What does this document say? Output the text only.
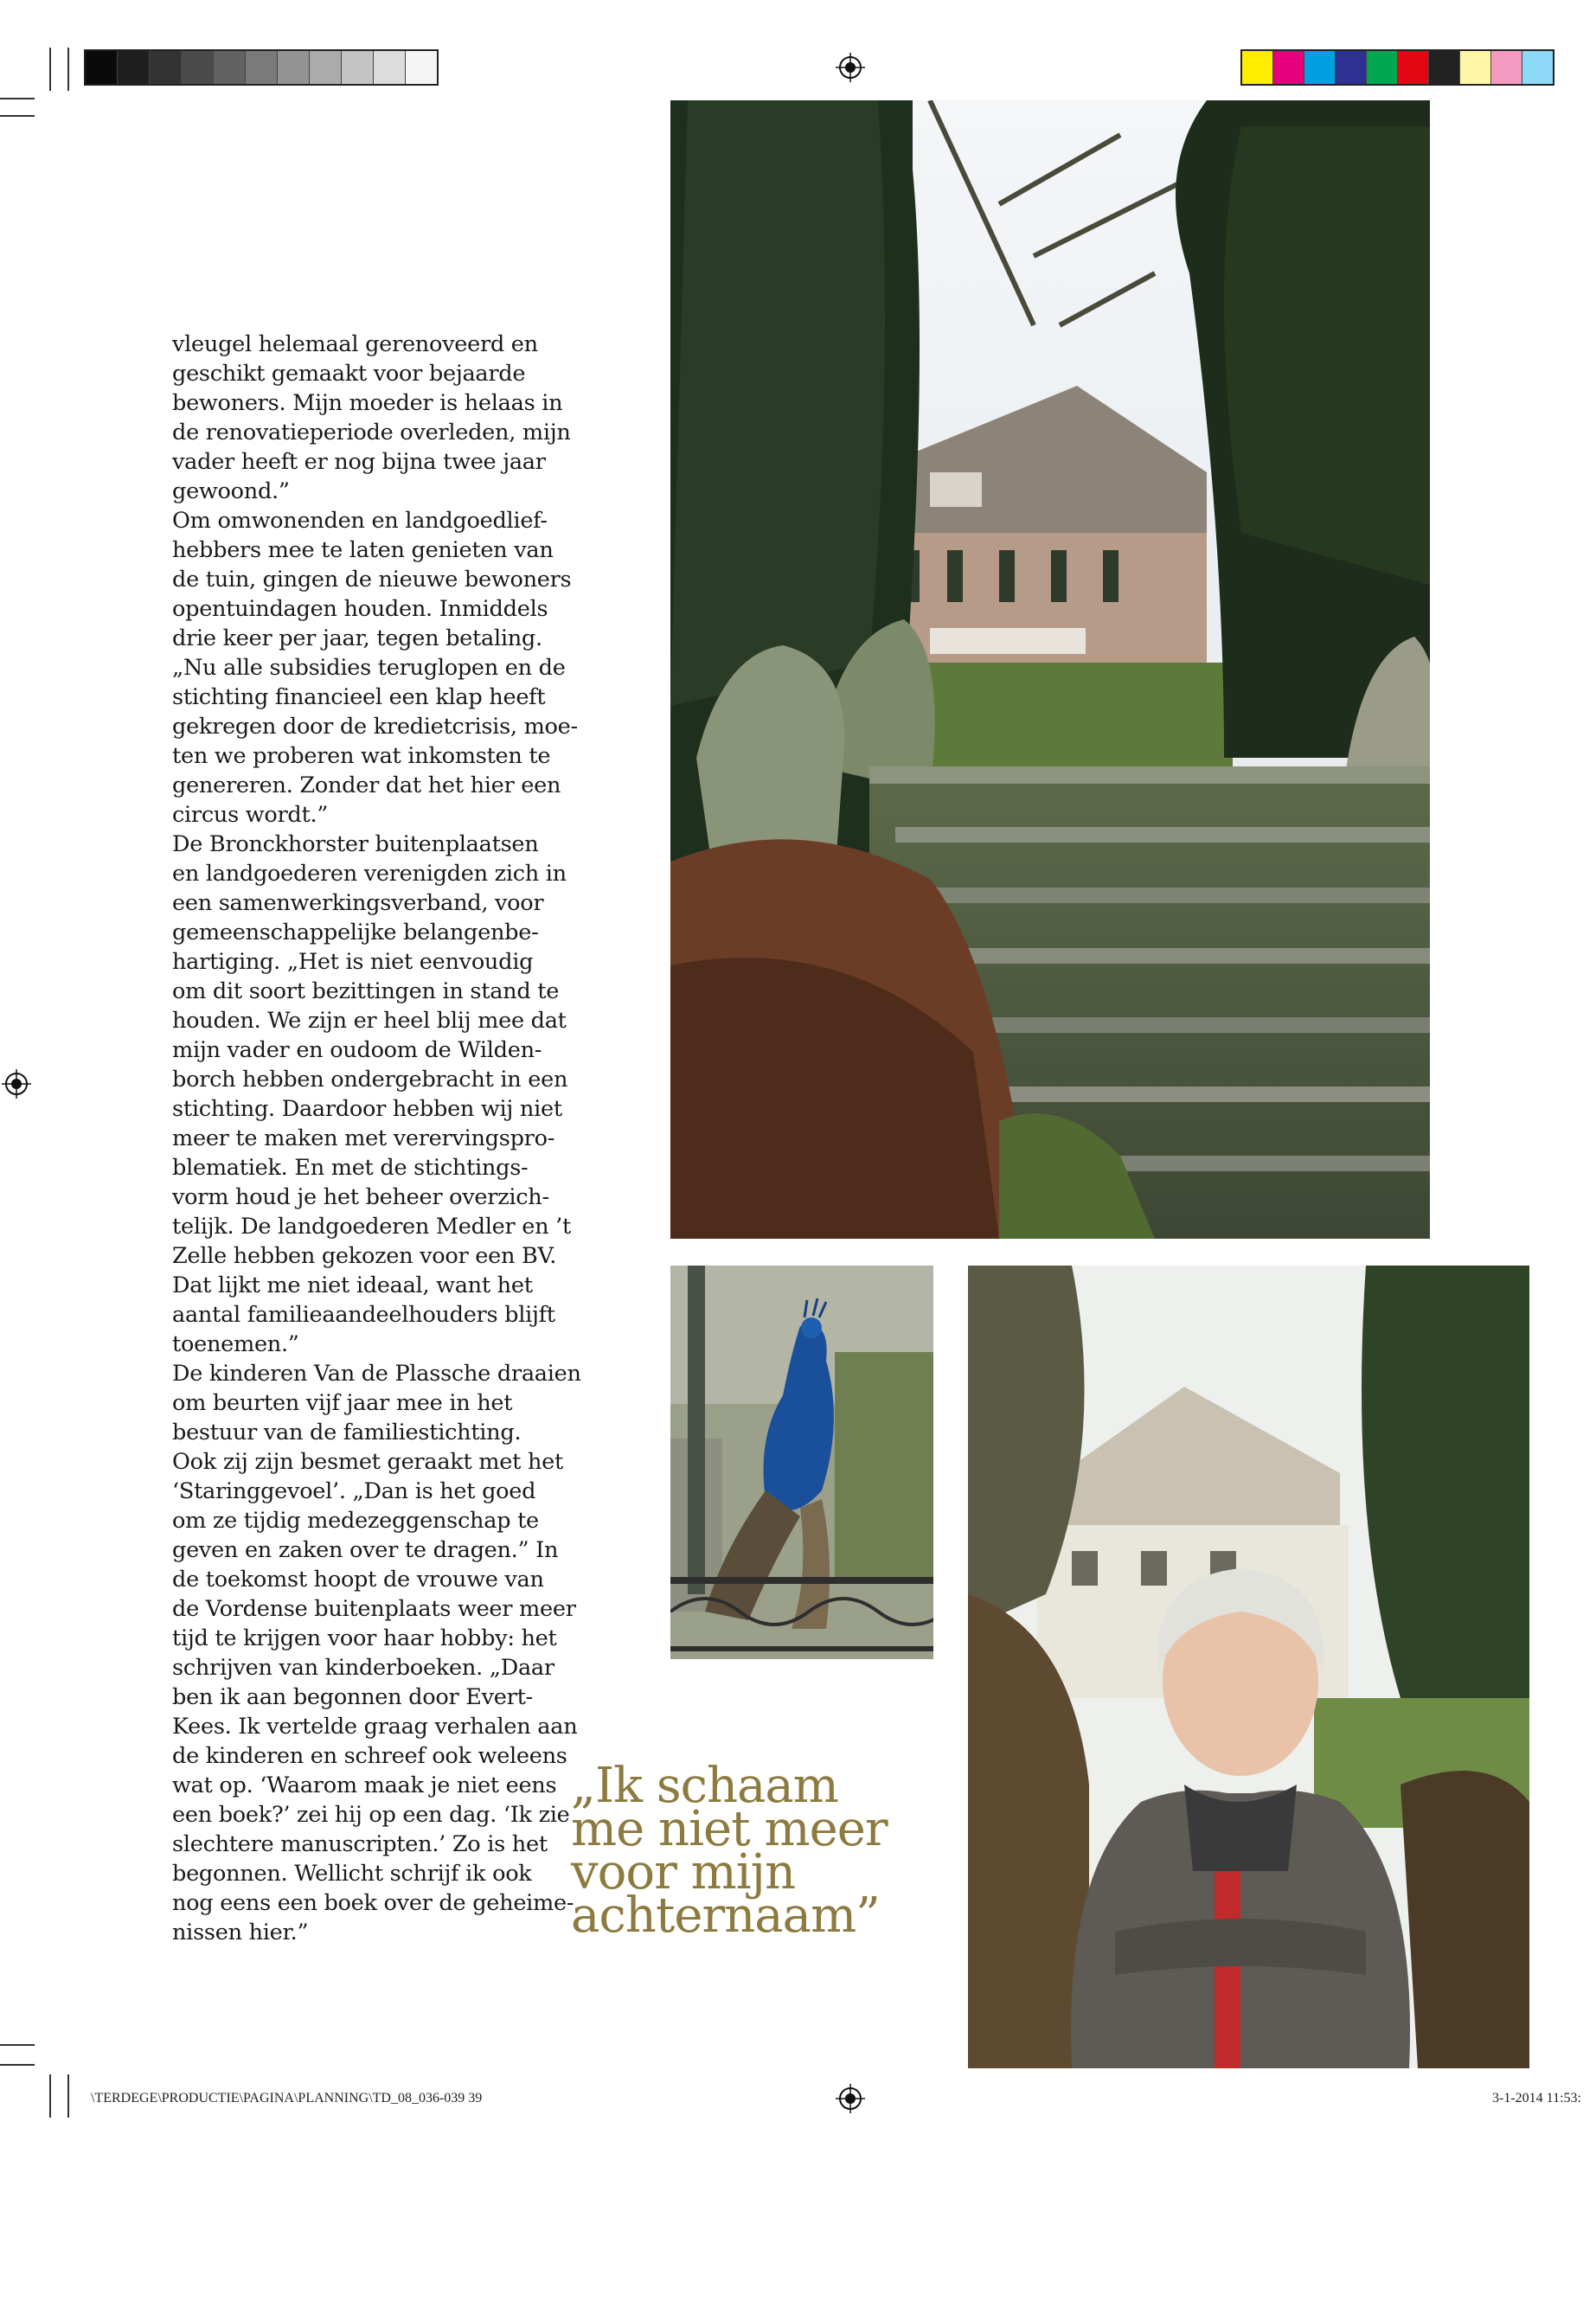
vleugel helemaal gerenoveerd en
geschikt gemaakt voor bejaarde
bewoners. Mijn moeder is helaas in
de renovatieperiode overleden, mijn
vader heeft er nog bijna twee jaar
gewoond.”
Om omwonenden en landgoedlief-
hebbers mee te laten genieten van
de tuin, gingen de nieuwe bewoners
opentuindagen houden. Inmiddels
drie keer per jaar, tegen betaling.
„Nu alle subsidies teruglopen en de
stichting financieel een klap heeft
gekregen door de kredietcrisis, moe-
ten we proberen wat inkomsten te
genereren. Zonder dat het hier een
circus wordt.”
De Bronckhorster buitenplaatsen
en landgoederen verenigden zich in
een samenwerkingsverband, voor
gemeenschappelijke belangenbe-
hartiging. „Het is niet eenvoudig
om dit soort bezittingen in stand te
houden. We zijn er heel blij mee dat
mijn vader en oudoom de Wilden-
borch hebben ondergebracht in een
stichting. Daardoor hebben wij niet
meer te maken met verervingspro-
blematiek. En met de stichtings-
vorm houd je het beheer overzich-
telijk. De landgoederen Medler en ’t
Zelle hebben gekozen voor een BV.
Dat lijkt me niet ideaal, want het
aantal familieaandeelhouders blijft
toenemen.”
De kinderen Van de Plassche draaien
om beurten vijf jaar mee in het
bestuur van de familiestichting.
Ook zij zijn besmet geraakt met het
‘Staringgevoel’. „Dan is het goed
om ze tijdig medezeggenschap te
geven en zaken over te dragen.” In
de toekomst hoopt de vrouwe van
de Vordense buitenplaats weer meer
tijd te krijgen voor haar hobby: het
schrijven van kinderboeken. „Daar
ben ik aan begonnen door Evert-
Kees. Ik vertelde graag verhalen aan
de kinderen en schreef ook weleens
wat op. ‘Waarom maak je niet eens
een boek?’ zei hij op een dag. ‘Ik zie
slechtere manuscripten.’ Zo is het
begonnen. Wellicht schrijf ik ook
nog eens een boek over de geheime-
nissen hier.”
„Ik schaam
me niet meer
voor mijn
achternaam”
\TERDEGE\PRODUCTIE\PAGINA\PLANNING\TD_08_036-039 39	3-1-2014 11:53:
